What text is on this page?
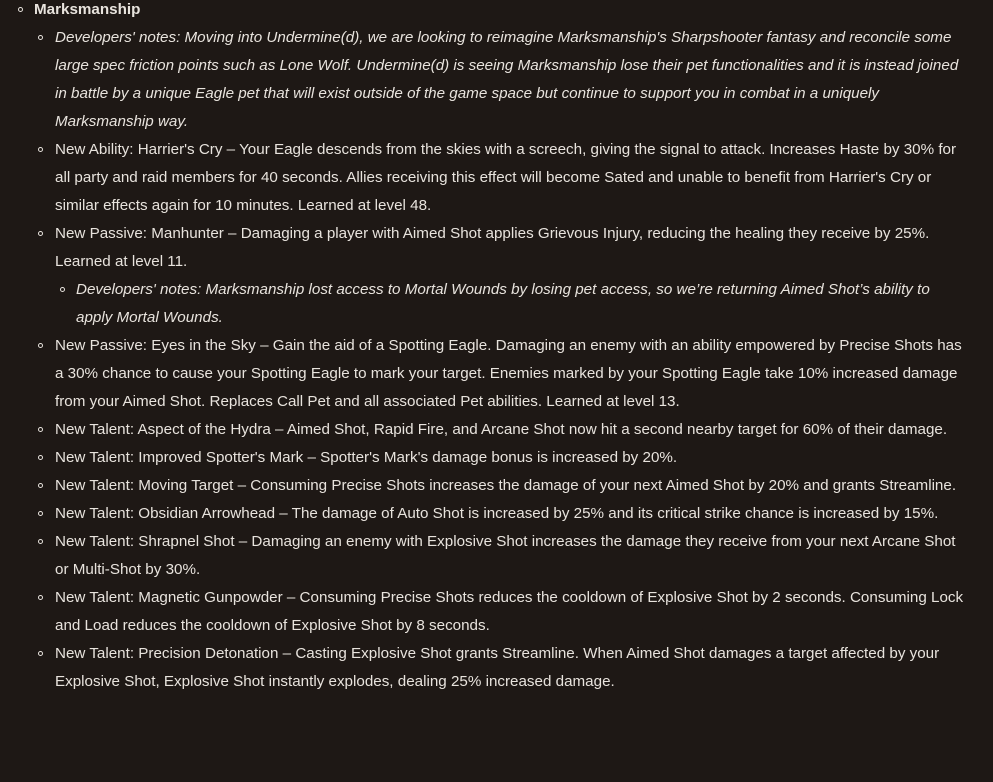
Marksmanship
Developers' notes: Moving into Undermine(d), we are looking to reimagine Marksmanship's Sharpshooter fantasy and reconcile some large spec friction points such as Lone Wolf. Undermine(d) is seeing Marksmanship lose their pet functionalities and it is instead joined in battle by a unique Eagle pet that will exist outside of the game space but continue to support you in combat in a uniquely Marksmanship way.
New Ability: Harrier's Cry – Your Eagle descends from the skies with a screech, giving the signal to attack. Increases Haste by 30% for all party and raid members for 40 seconds. Allies receiving this effect will become Sated and unable to benefit from Harrier's Cry or similar effects again for 10 minutes. Learned at level 48.
New Passive: Manhunter – Damaging a player with Aimed Shot applies Grievous Injury, reducing the healing they receive by 25%. Learned at level 11.
Developers' notes: Marksmanship lost access to Mortal Wounds by losing pet access, so we’re returning Aimed Shot’s ability to apply Mortal Wounds.
New Passive: Eyes in the Sky – Gain the aid of a Spotting Eagle. Damaging an enemy with an ability empowered by Precise Shots has a 30% chance to cause your Spotting Eagle to mark your target. Enemies marked by your Spotting Eagle take 10% increased damage from your Aimed Shot. Replaces Call Pet and all associated Pet abilities. Learned at level 13.
New Talent: Aspect of the Hydra – Aimed Shot, Rapid Fire, and Arcane Shot now hit a second nearby target for 60% of their damage.
New Talent: Improved Spotter's Mark – Spotter's Mark's damage bonus is increased by 20%.
New Talent: Moving Target – Consuming Precise Shots increases the damage of your next Aimed Shot by 20% and grants Streamline.
New Talent: Obsidian Arrowhead – The damage of Auto Shot is increased by 25% and its critical strike chance is increased by 15%.
New Talent: Shrapnel Shot – Damaging an enemy with Explosive Shot increases the damage they receive from your next Arcane Shot or Multi-Shot by 30%.
New Talent: Magnetic Gunpowder – Consuming Precise Shots reduces the cooldown of Explosive Shot by 2 seconds. Consuming Lock and Load reduces the cooldown of Explosive Shot by 8 seconds.
New Talent: Precision Detonation – Casting Explosive Shot grants Streamline. When Aimed Shot damages a target affected by your Explosive Shot, Explosive Shot instantly explodes, dealing 25% increased damage.
